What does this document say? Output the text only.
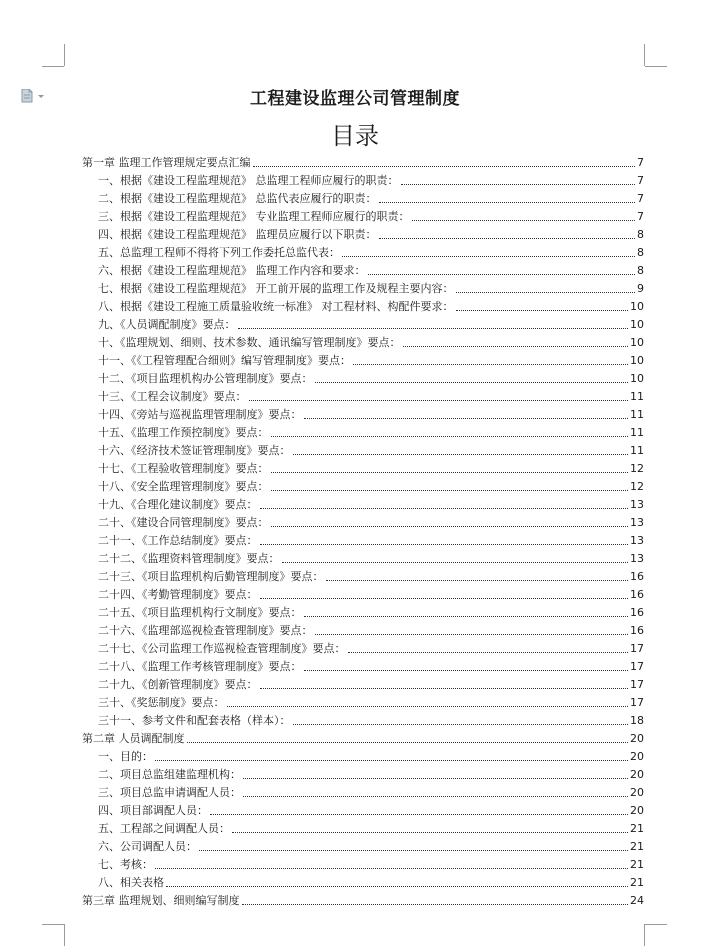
工程建设监理公司管理制度
目录
第一章 监理工作管理规定要点汇编	7
一、根据《建设工程监理规范》 总监理工程师应履行的职责：	7
二、根据《建设工程监理规范》 总监代表应履行的职责：	7
三、根据《建设工程监理规范》 专业监理工程师应履行的职责：	7
四、根据《建设工程监理规范》 监理员应履行以下职责：	8
五、总监理工程师不得将下列工作委托总监代表：	8
六、根据《建设工程监理规范》 监理工作内容和要求：	8
七、根据《建设工程监理规范》 开工前开展的监理工作及规程主要内容：	9
八、根据《建设工程施工质量验收统一标准》 对工程材料、构配件要求：	10
九、《人员调配制度》要点：	10
十、《监理规划、细则、技术参数、通讯编写管理制度》要点：	10
十一、《《工程管理配合细则》编写管理制度》要点：	10
十二、《项目监理机构办公管理制度》要点：	10
十三、《工程会议制度》要点：	11
十四、《旁站与巡视监理管理制度》要点：	11
十五、《监理工作预控制度》要点：	11
十六、《经济技术签证管理制度》要点：	11
十七、《工程验收管理制度》要点：	12
十八、《安全监理管理制度》要点：	12
十九、《合理化建议制度》要点：	13
二十、《建设合同管理制度》要点：	13
二十一、《工作总结制度》要点：	13
二十二、《监理资料管理制度》要点：	13
二十三、《项目监理机构后勤管理制度》要点：	16
二十四、《考勤管理制度》要点：	16
二十五、《项目监理机构行文制度》要点：	16
二十六、《监理部巡视检查管理制度》要点：	16
二十七、《公司监理工作巡视检查管理制度》要点：	17
二十八、《监理工作考核管理制度》要点：	17
二十九、《创新管理制度》要点：	17
三十、《奖惩制度》要点：	17
三十一、参考文件和配套表格（样本）：	18
第二章 人员调配制度	20
一、目的：	20
二、项目总监组建监理机构：	20
三、项目总监申请调配人员：	20
四、项目部调配人员：	20
五、工程部之间调配人员：	21
六、公司调配人员：	21
七、考核：	21
八、相关表格	21
第三章 监理规划、细则编写制度	24
